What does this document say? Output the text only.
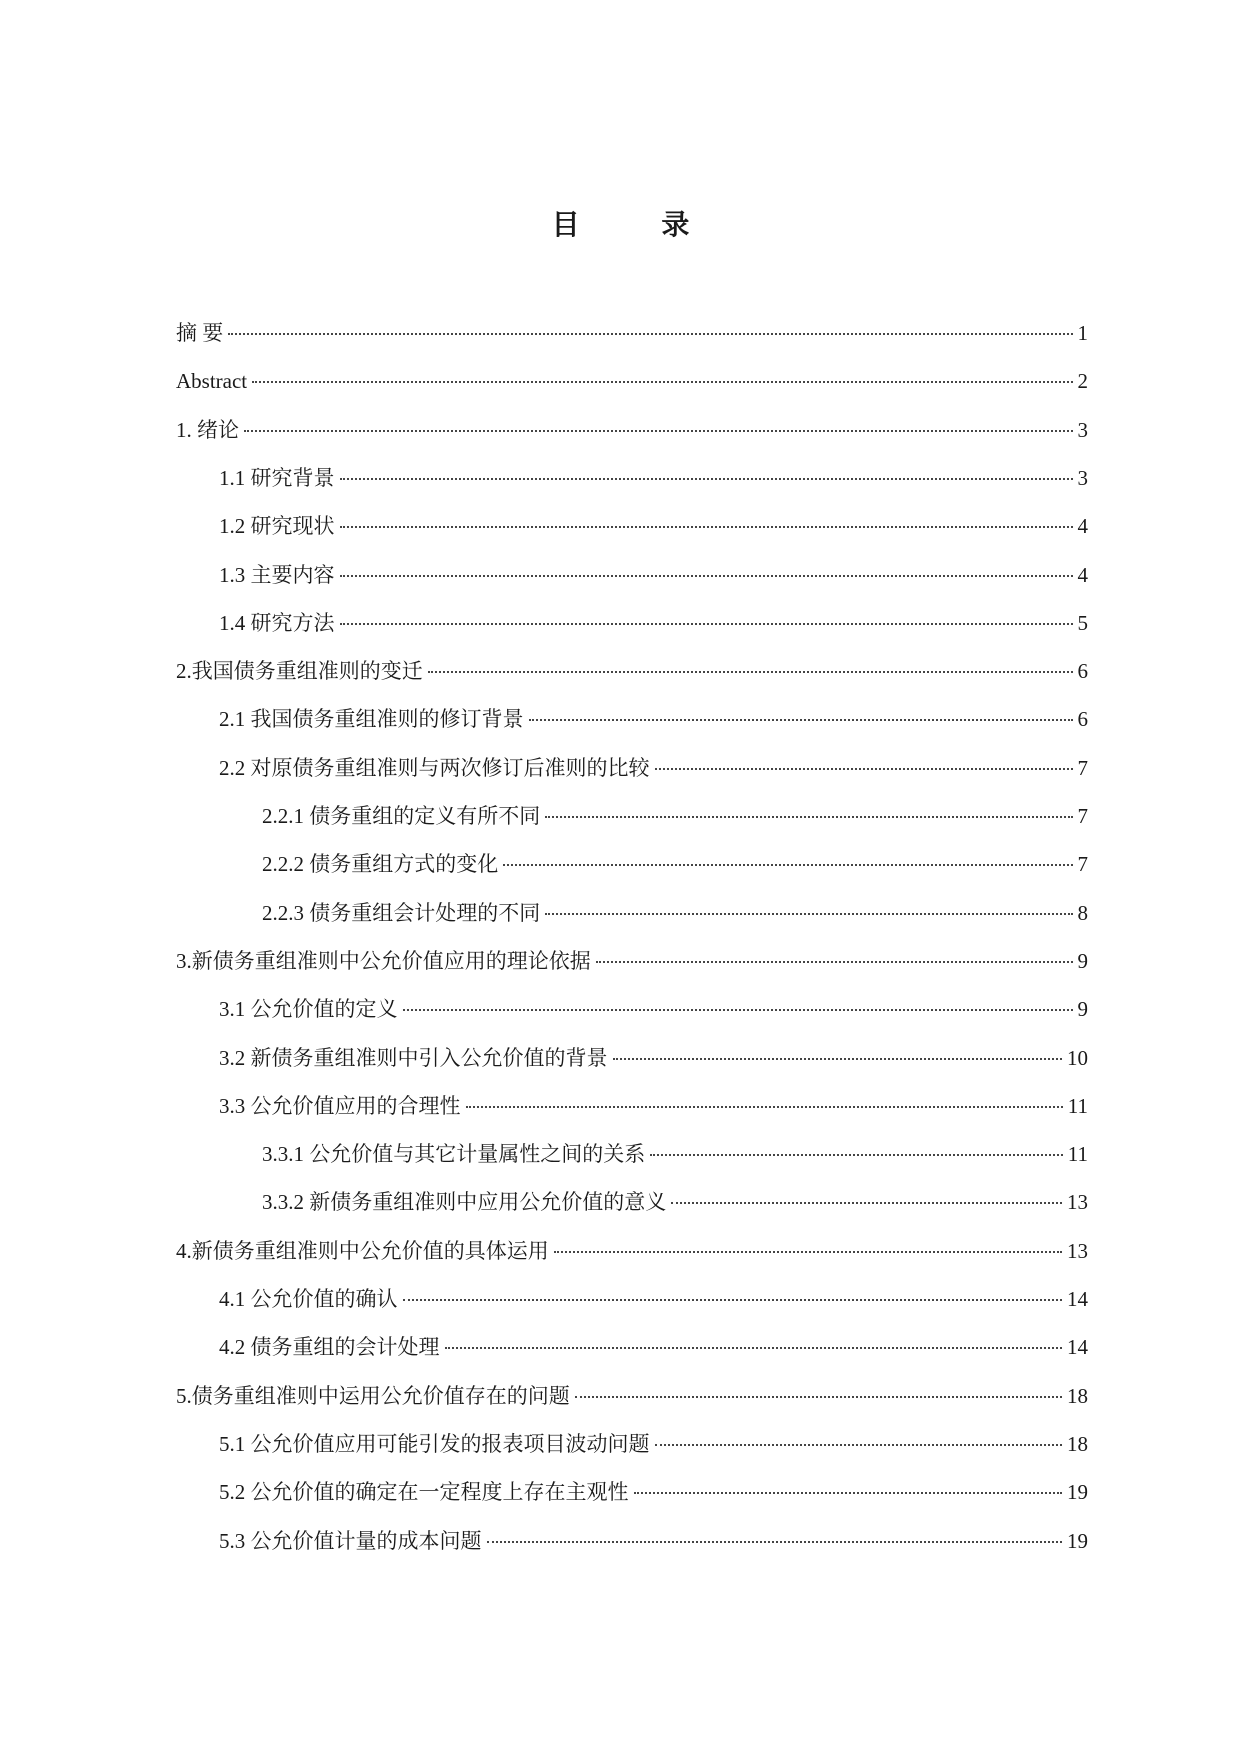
目 录
摘 要	1
Abstract	2
1. 绪论	3
1.1 研究背景	3
1.2 研究现状	4
1.3 主要内容	4
1.4 研究方法	5
2.我国债务重组准则的变迁	6
2.1 我国债务重组准则的修订背景	6
2.2 对原债务重组准则与两次修订后准则的比较	7
2.2.1 债务重组的定义有所不同	7
2.2.2 债务重组方式的变化	7
2.2.3 债务重组会计处理的不同	8
3.新债务重组准则中公允价值应用的理论依据	9
3.1 公允价值的定义	9
3.2 新债务重组准则中引入公允价值的背景	10
3.3 公允价值应用的合理性	11
3.3.1 公允价值与其它计量属性之间的关系	11
3.3.2 新债务重组准则中应用公允价值的意义	13
4.新债务重组准则中公允价值的具体运用	13
4.1 公允价值的确认	14
4.2 债务重组的会计处理	14
5.债务重组准则中运用公允价值存在的问题	18
5.1 公允价值应用可能引发的报表项目波动问题	18
5.2 公允价值的确定在一定程度上存在主观性	19
5.3 公允价值计量的成本问题	19
